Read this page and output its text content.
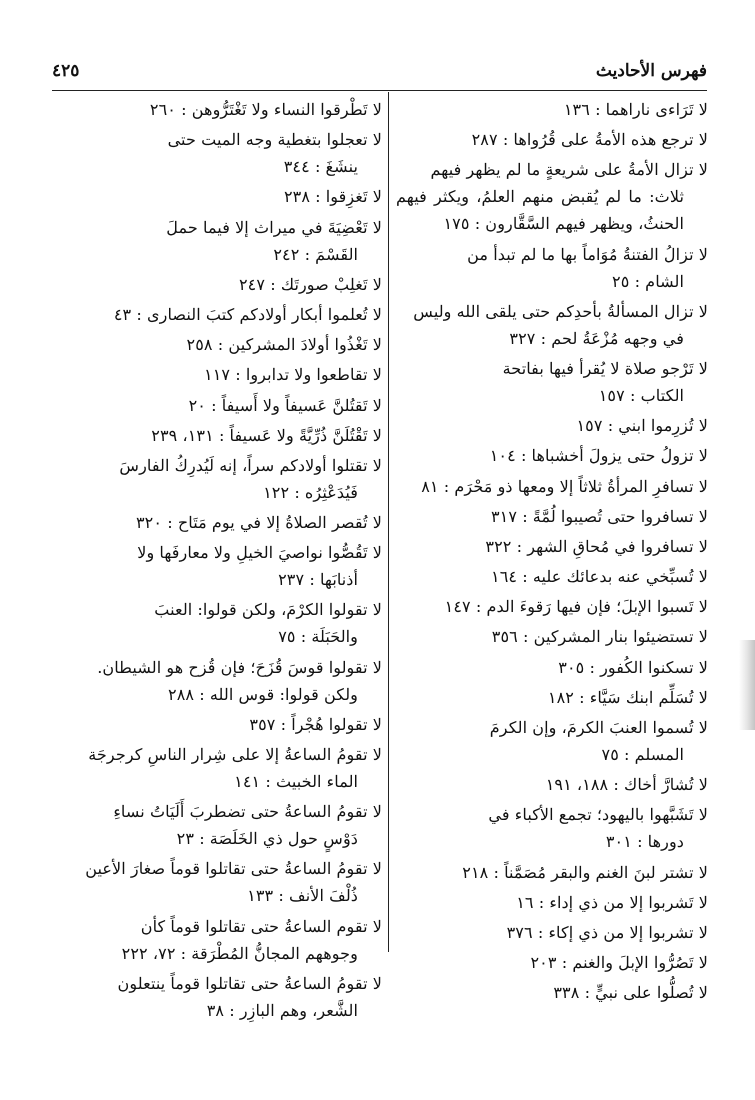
فهرس الأحاديث
٤٢٥
لا تَرَاءى ناراهما : ١٣٦
لا ترجع هذه الأمةُ على قُرُواها : ٢٨٧
لا تزال الأمةُ على شريعةٍ ما لم يظهر فيهم
ثلاث: ما لم يُقبض منهم العلمُ، ويكثر فيهم الحنثُ، ويظهر فيهم السَّقَّارون : ١٧٥
لا تزالُ الفتنةُ مُوَاماً بها ما لم تبدأ من
الشام : ٢٥
لا تزال المسألةُ بأحدِكم حتى يلقى الله وليس
في وجهه مُزْعَةُ لحم : ٣٢٧
لا تَرْجو صلاة لا يُقرأ فيها بفاتحة
الكتاب : ١٥٧
لا تُزرِموا ابني : ١٥٧
لا تزولُ حتى يزولَ أخشباها : ١٠٤
لا تسافرِ المرأةُ ثلاثاً إلا ومعها ذو مَحْرَم : ٨١
لا تسافروا حتى تُصيبوا لُمَّةً : ٣١٧
لا تسافروا في مُحاقِ الشهر : ٣٢٢
لا تُسبِّخي عنه بدعائك عليه : ١٦٤
لا تَسبوا الإبلَ؛ فإن فيها رَقوءَ الدم : ١٤٧
لا تستضيئوا بنار المشركين : ٣٥٦
لا تسكنوا الكُفور : ٣٠٥
لا تُسَلِّم ابنك سَيَّاء : ١٨٢
لا تُسموا العنبَ الكرمَ، وإن الكرمَ
المسلم : ٧٥
لا تُشارَّ أخاك : ١٨٨، ١٩١
لا تَشَبَّهوا باليهود؛ تجمع الأكباء في
دورها : ٣٠١
لا تشتر لبنَ الغنم والبقر مُصَمَّناً : ٢١٨
لا تَشربوا إلا من ذي إداء : ١٦
لا تشربوا إلا من ذي إكاء : ٣٧٦
لا تَصُرُّوا الإبلَ والغنم : ٢٠٣
لا تُصلُّوا على نبيٍّ : ٣٣٨
لا تَطْرقوا النساء ولا تَغْتَرُّوهن : ٢٦٠
لا تعجلوا بتغطية وجه الميت حتى
ينشَغَ : ٣٤٤
لا تَغزِقوا : ٢٣٨
لا تَعْضِيَةَ في ميراث إلا فيما حملَ
القَسْمَ : ٢٤٢
لا تَغلِبْ صورتَك : ٢٤٧
لا تُعلموا أبكار أولادكم كتبَ النصارى : ٤٣
لا تَغْذُوا أولادَ المشركين : ٢٥٨
لا تقاطعوا ولا تدابروا : ١١٧
لا تَقتُلنَّ عَسيفاً ولا أَسيفاً : ٢٠
لا تَقْتُلَنَّ ذُرِّيَّةً ولا عَسيفاً : ١٣١، ٢٣٩
لا تقتلوا أولادكم سراً، إنه لَيُدرِكُ الفارسَ
فَيُدَعْثِرُه : ١٢٢
لا تُقصر الصلاةُ إلا في يوم مَتَاح : ٣٢٠
لا تَقُصُّوا نواصيَ الخيلِ ولا معارفَها ولا
أذنابَها : ٢٣٧
لا تقولوا الكرْمَ، ولكن قولوا: العنبَ
والحَبَلَة : ٧٥
لا تقولوا قوسَ قُزَحَ؛ فإن قُزح هو الشيطان.
ولكن قولوا: قوس الله : ٢٨٨
لا تقولوا هُجْراً : ٣٥٧
لا تقومُ الساعةُ إلا على شِرار الناسِ كرجرجَة
الماء الخبيث : ١٤١
لا تقومُ الساعةُ حتى تضطربَ أَلَيَاتُ نساءِ
دَوْسٍ حول ذي الخَلَصَة : ٢٣
لا تقومُ الساعةُ حتى تقاتلوا قوماً صغارَ الأعين
ذُلْفَ الأنف : ١٣٣
لا تقوم الساعةُ حتى تقاتلوا قوماً كأن
وجوههم المجانُّ المُطْرَقة : ٧٢، ٢٢٢
لا تقومُ الساعةُ حتى تقاتلوا قوماً ينتعلون
الشَّعر، وهم البازِر : ٣٨
